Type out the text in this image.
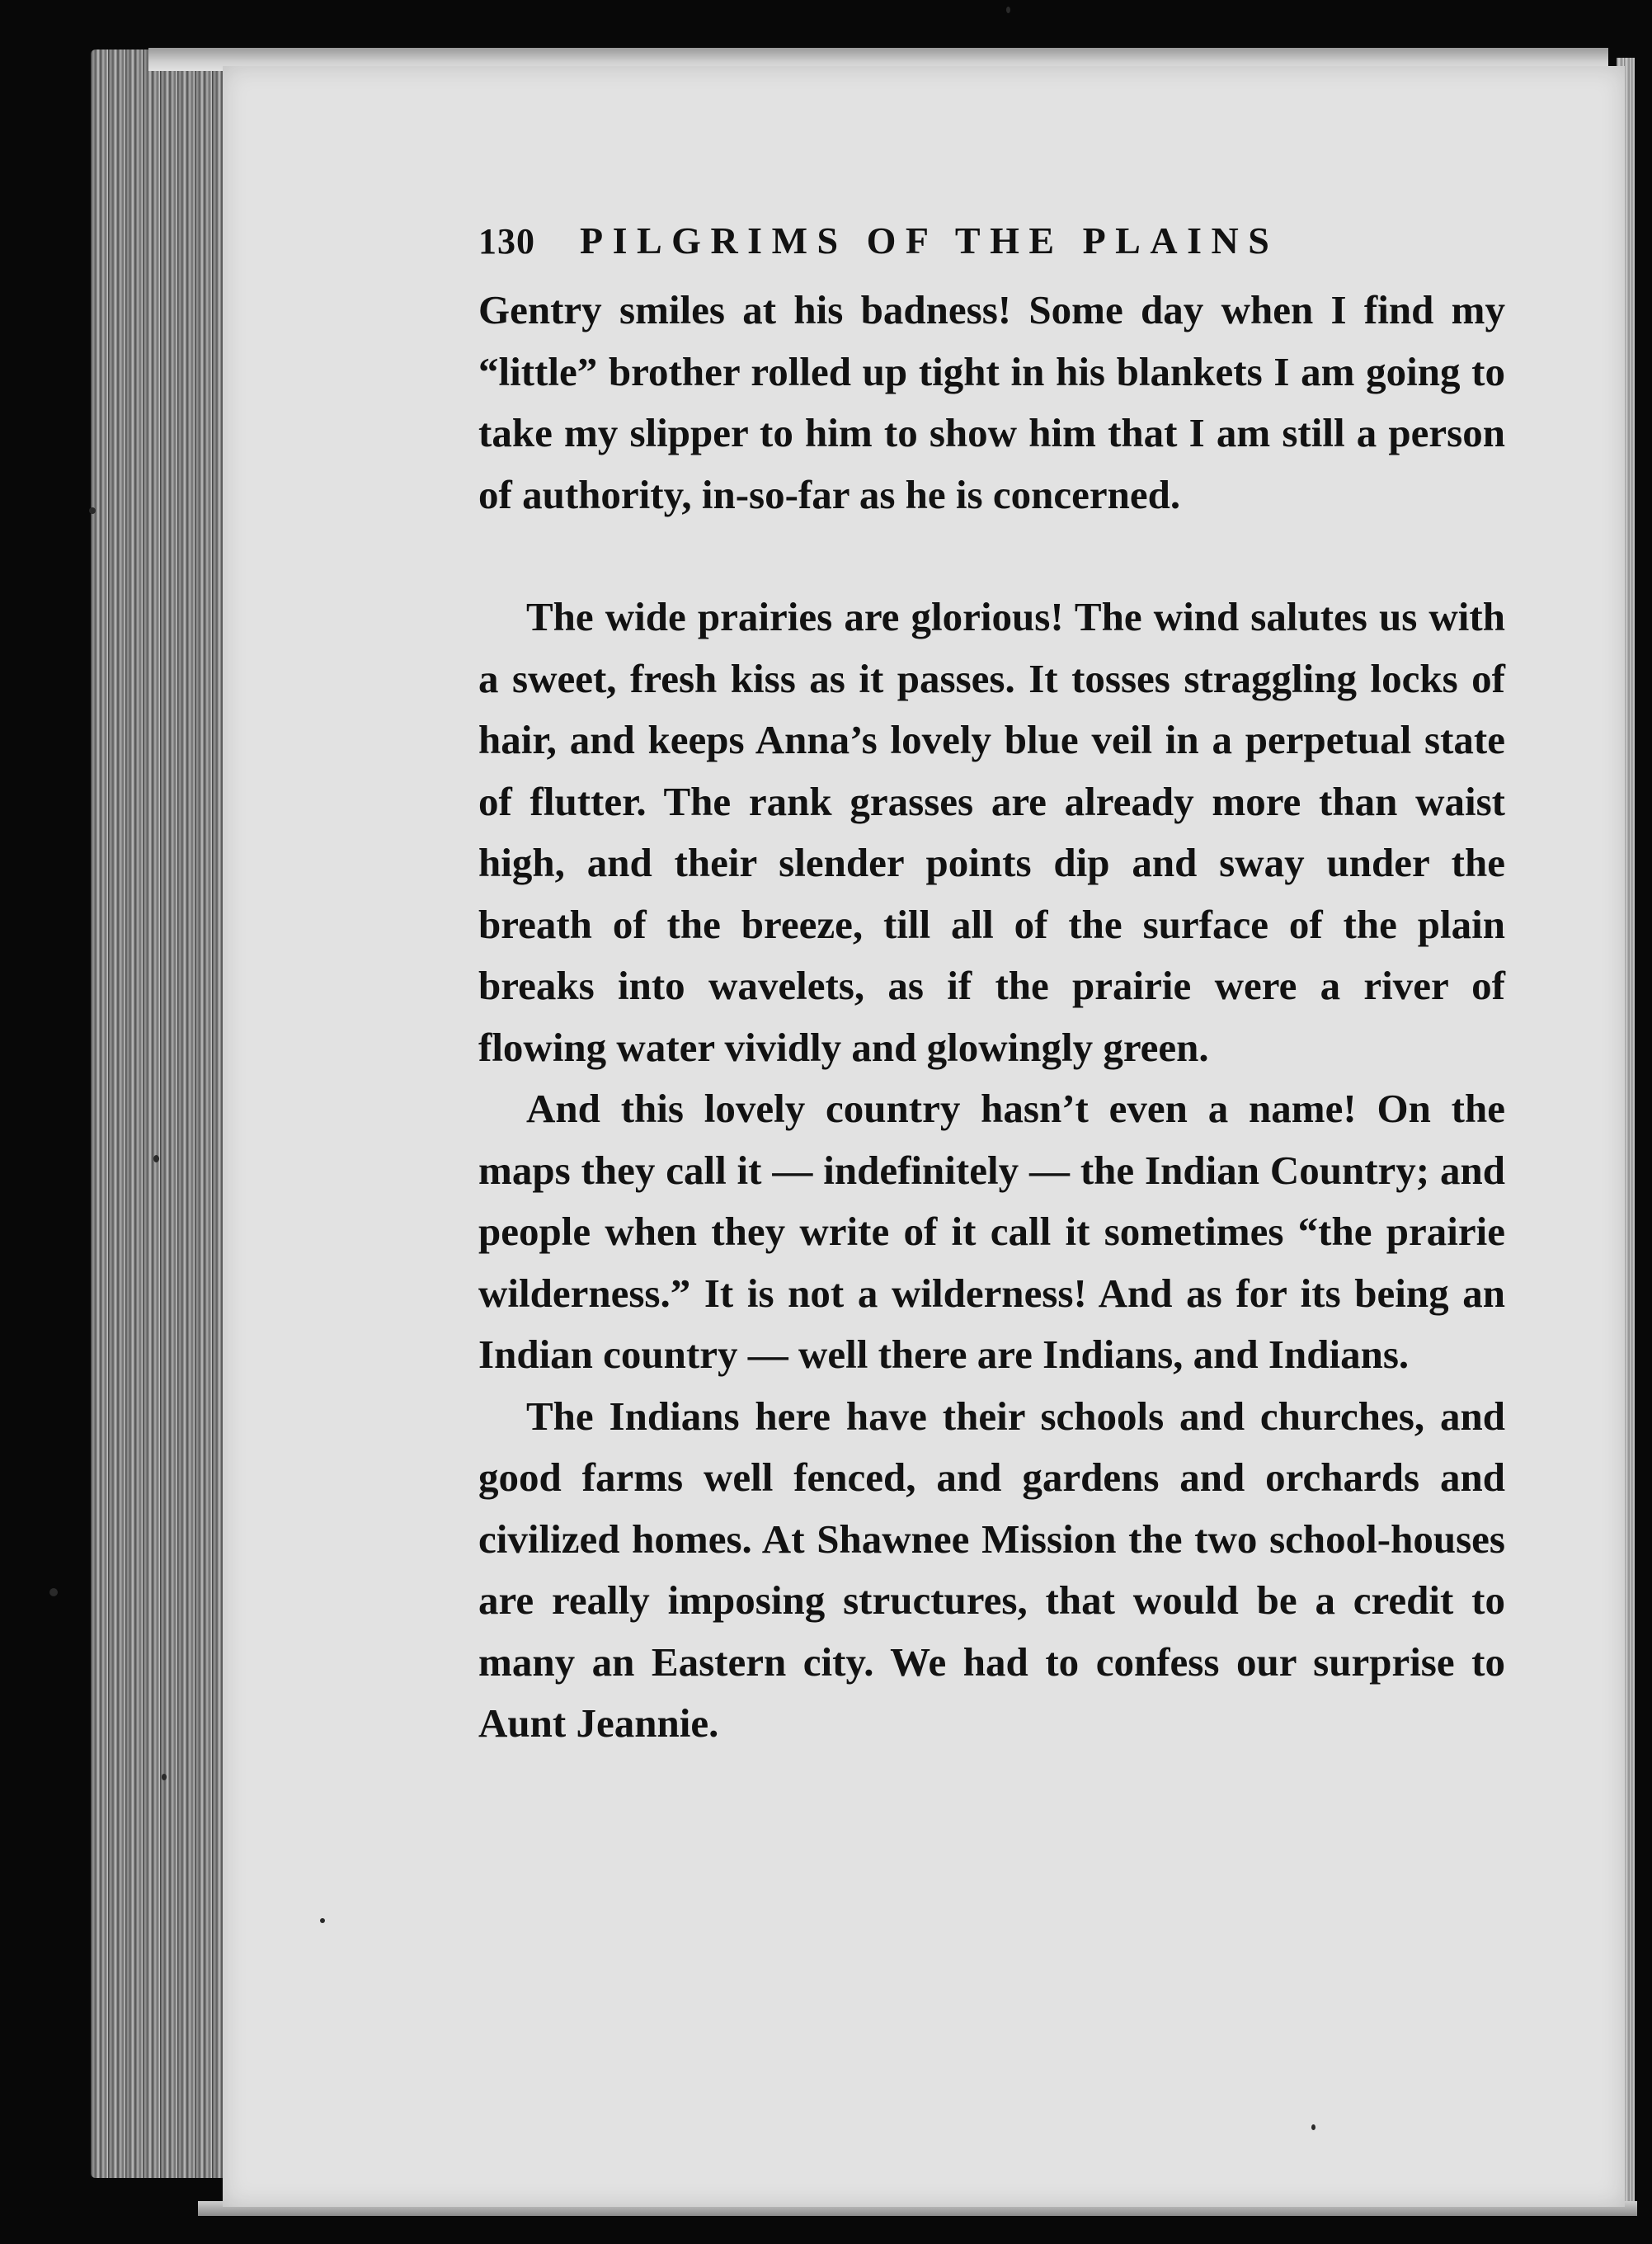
130 PILGRIMS OF THE PLAINS

Gentry smiles at his badness! Some day when I find my “little” brother rolled up tight in his blankets I am going to take my slipper to him to show him that I am still a person of authority, in-so-far as he is concerned.

The wide prairies are glorious! The wind salutes us with a sweet, fresh kiss as it passes. It tosses straggling locks of hair, and keeps Anna’s lovely blue veil in a perpetual state of flutter. The rank grasses are already more than waist high, and their slender points dip and sway under the breath of the breeze, till all of the surface of the plain breaks into wavelets, as if the prairie were a river of flowing water vividly and glowingly green.

And this lovely country hasn’t even a name! On the maps they call it — indefinitely — the Indian Country; and people when they write of it call it sometimes “the prairie wilderness.” It is not a wilderness! And as for its being an Indian country — well there are Indians, and Indians.

The Indians here have their schools and churches, and good farms well fenced, and gardens and orchards and civilized homes. At Shawnee Mission the two school-houses are really imposing structures, that would be a credit to many an Eastern city. We had to confess our surprise to Aunt Jeannie.
